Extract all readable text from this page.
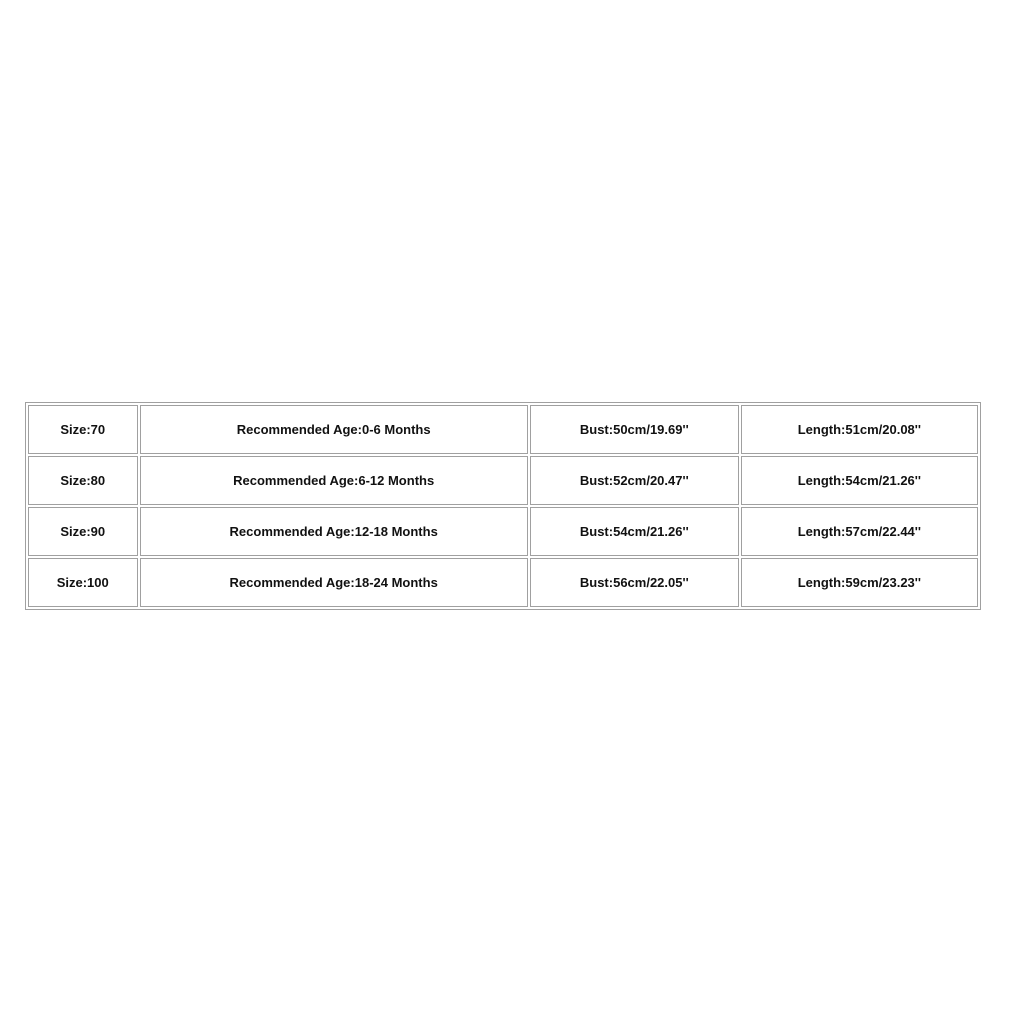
Size:70	Recommended Age:0-6 Months	Bust:50cm/19.69''	Length:51cm/20.08''
Size:80	Recommended Age:6-12 Months	Bust:52cm/20.47''	Length:54cm/21.26''
Size:90	Recommended Age:12-18 Months	Bust:54cm/21.26''	Length:57cm/22.44''
Size:100	Recommended Age:18-24 Months	Bust:56cm/22.05''	Length:59cm/23.23''
